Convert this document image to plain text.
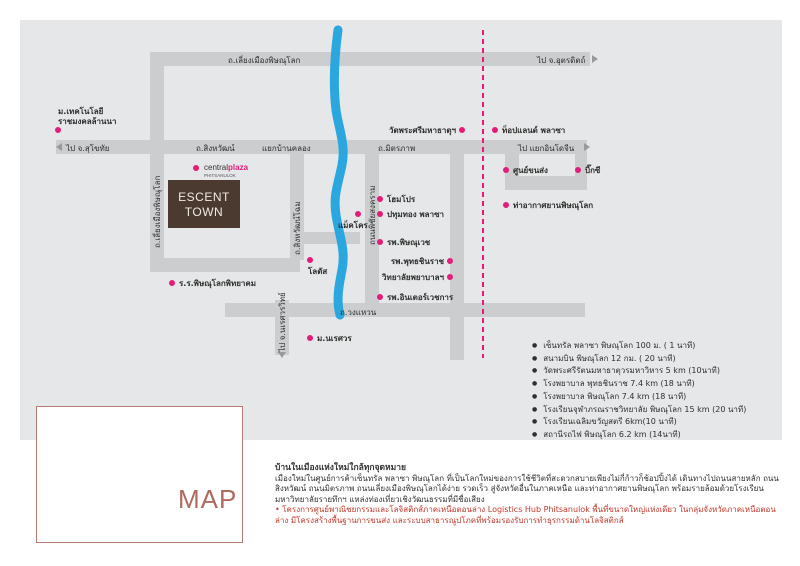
ถ.เลี่ยงเมืองพิษณุโลก	ไป จ.อุตรดิตถ์
ไป จ.สุโขทัย	ถ.สิงหวัฒน์	แยกบ้านคลอง	ถ.มิตรภาพ	ไป แยกอินโดจีน
ถ.วงแหวน
ถ.เลี่ยงเมืองพิษณุโลก	ถ.สิงหวัฒน์โฉม
ไป จ.นเรศวรวิทย์
ถนนพิชัยสงคราม
ESCENT
TOWN
centralplaza
PHITSANULOK
ม.เทคโนโลยี
ราชมงคลล้านนา
วัดพระศรีมหาธาตุฯ	ท็อปแลนด์ พลาซา
ศูนย์ขนส่ง	บิ๊กซี
ท่าอากาศยานพิษณุโลก
โฮมโปร
ปทุมทอง พลาซา
แม็คโคร
รพ.พิษณุเวช
รพ.พุทธชินราช
วิทยาลัยพยาบาลฯ
รพ.อินเตอร์เวชการ
โลตัส
ร.ร.พิษณุโลกพิทยาคม
ม.นเรศวร
● เซ็นทรัล พลาซา พิษณุโลก 100 ม. ( 1 นาที)
● สนามบิน พิษณุโลก 12 กม. ( 20 นาที)
● วัดพระศรีรัตนมหาธาตุวรมหาวิหาร 5 km (10นาที)
● โรงพยาบาล พุทธชินราช 7.4 km (18 นาที)
● โรงพยาบาล พิษณุโลก 7.4 km (18 นาที)
● โรงเรียนจุฬาภรณราชวิทยาลัย พิษณุโลก 15 km (20 นาที)
● โรงเรียนเฉลิมขวัญสตรี 6km(10 นาที)
● สถานีรถไฟ พิษณุโลก 6.2 km (14นาที)
MAP

บ้านในเมืองแห่งใหม่ใกล้ทุกจุดหมาย

เมืองใหม่ในศูนย์การค้าเซ็นทรัล พลาซา พิษณุโลก ที่เป็นโลกใหม่ของการใช้ชีวิตที่สะดวกสบายเพียงไม่กี่ก้าวก็ช้อปปิ้งได้ เดินทางไปถนนสายหลัก ถนนสิงหวัฒน์ ถนนมิตรภาพ ถนนเลี่ยงเมืองพิษณุโลกได้ง่าย รวดเร็ว สู่จังหวัดอื่นในภาคเหนือ และท่าอากาศยานพิษณุโลก พร้อมรายล้อมด้วยโรงเรียน มหาวิทยาลัยรายทึกฯ แหล่งท่องเที่ยวเชิงวัฒนธรรมที่มีชื่อเสียง

• โครงการศูนย์พาณิชยกรรมและโลจิสติกส์ภาคเหนือตอนล่าง Logistics Hub Phitsanulok พื้นที่ขนาดใหญ่แห่งเดียว ในกลุ่มจังหวัดภาคเหนือตอนล่าง มีโครงสร้างพื้นฐานการขนส่ง และระบบสาธารณูปโภคที่พร้อมรองรับการทำธุรกรรมด้านโลจิสติกส์
